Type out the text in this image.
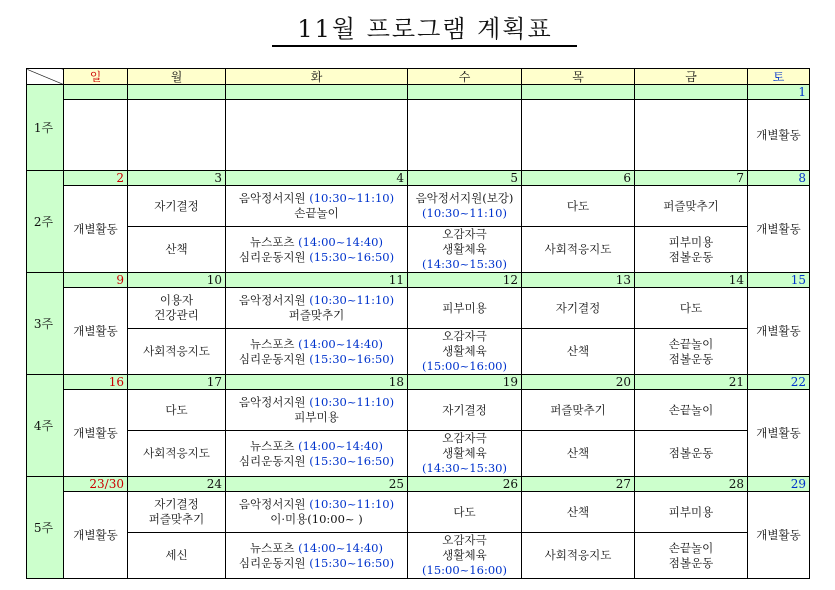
11월 프로그램 계획표
	일	월	화	수	목	금	토
1주							1
							개별활동
2주	2	3	4	5	6	7	8
	개별활동	자기결정	음악정서지원 (10:30~11:10)
손끝놀이	음악정서지원(보강)
(10:30~11:10)	다도	퍼즐맞추기	개별활동

		산책	뉴스포츠 (14:00~14:40)
심리운동지원 (15:30~16:50)	오감자극
생활체육
(14:30~15:30)	사회적응지도	피부미용
점볼운동	

3주	9	10	11	12	13	14	15
	개별활동	이용자
건강관리	음악정서지원 (10:30~11:10)
퍼즐맞추기	피부미용	자기결정	다도	개별활동

		사회적응지도	뉴스포츠 (14:00~14:40)
심리운동지원 (15:30~16:50)	오감자극
생활체육
(15:00~16:00)	산책	손끝놀이
점볼운동	

4주	16	17	18	19	20	21	22
	개별활동	다도	음악정서지원 (10:30~11:10)
피부미용	자기결정	퍼즐맞추기	손끝놀이	개별활동

		사회적응지도	뉴스포츠 (14:00~14:40)
심리운동지원 (15:30~16:50)	오감자극
생활체육
(14:30~15:30)	산책	점볼운동	

5주	23/30	24	25	26	27	28	29
	개별활동	자기결정
퍼즐맞추기	음악정서지원 (10:30~11:10)
이·미용(10:00~ )	다도	산책	피부미용	개별활동

		세신	뉴스포츠 (14:00~14:40)
심리운동지원 (15:30~16:50)	오감자극
생활체육
(15:00~16:00)	사회적응지도	손끝놀이
점볼운동	
